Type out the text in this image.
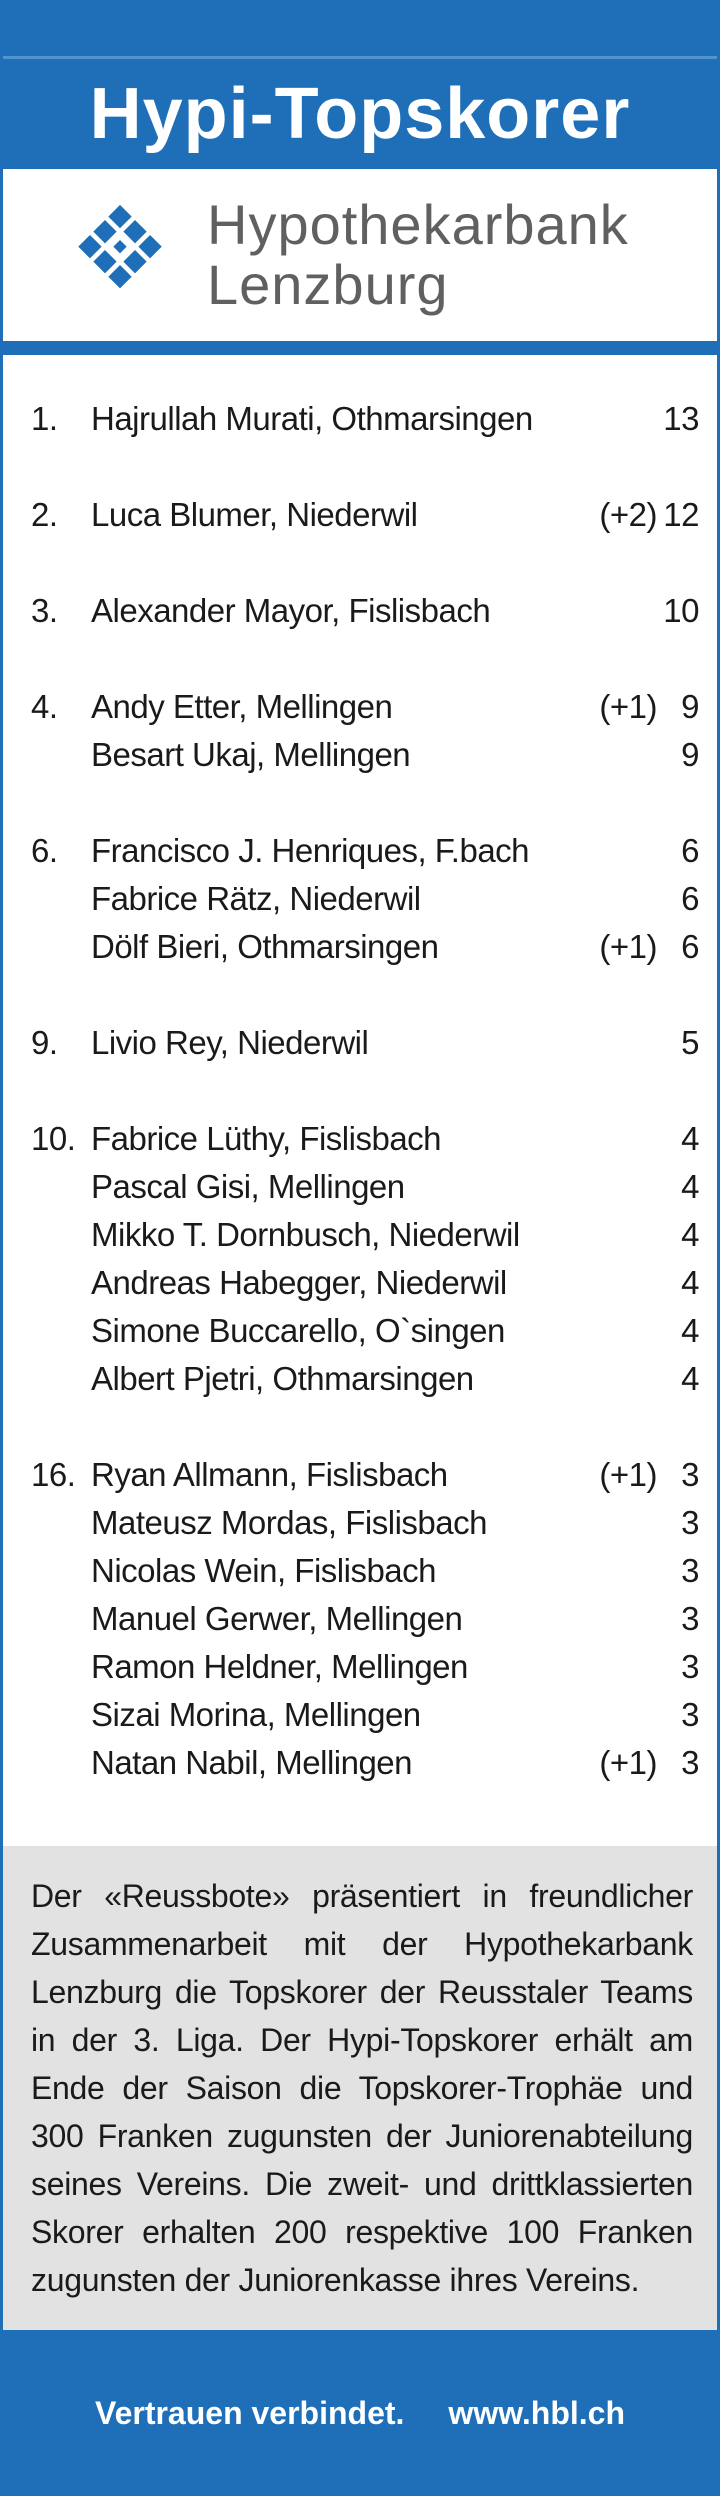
Hypi-Topskorer
Hypothekarbank
Lenzburg
1.	Hajrullah Murati, Othmarsingen	13
2.	Luca Blumer, Niederwil	(+2) 12
3.	Alexander Mayor, Fislisbach	10
4.	Andy Etter, Mellingen	(+1) 9
Besart Ukaj, Mellingen	9
6.	Francisco J. Henriques, F.bach	6
Fabrice Rätz, Niederwil	6
Dölf Bieri, Othmarsingen	(+1) 6
9.	Livio Rey, Niederwil	5
10. Fabrice Lüthy, Fislisbach	4
Pascal Gisi, Mellingen	4
Mikko T. Dornbusch, Niederwil	4
Andreas Habegger, Niederwil	4
Simone Buccarello, O`singen	4
Albert Pjetri, Othmarsingen	4
16. Ryan Allmann, Fislisbach	(+1) 3
Mateusz Mordas, Fislisbach	3
Nicolas Wein, Fislisbach	3
Manuel Gerwer, Mellingen	3
Ramon Heldner, Mellingen	3
Sizai Morina, Mellingen	3
Natan Nabil, Mellingen	(+1) 3
Der «Reussbote» präsentiert in freundlicher Zusammenarbeit mit der Hypothekarbank Lenzburg die Topskorer der Reusstaler Teams in der 3. Liga. Der Hypi-Topskorer erhält am Ende der Saison die Topskorer-Trophäe und 300 Franken zugunsten der Juniorenabteilung seines Vereins. Die zweit- und drittklassierten Skorer erhalten 200 respektive 100 Franken zugunsten der Juniorenkasse ihres Vereins.
Vertrauen verbindet. www.hbl.ch
